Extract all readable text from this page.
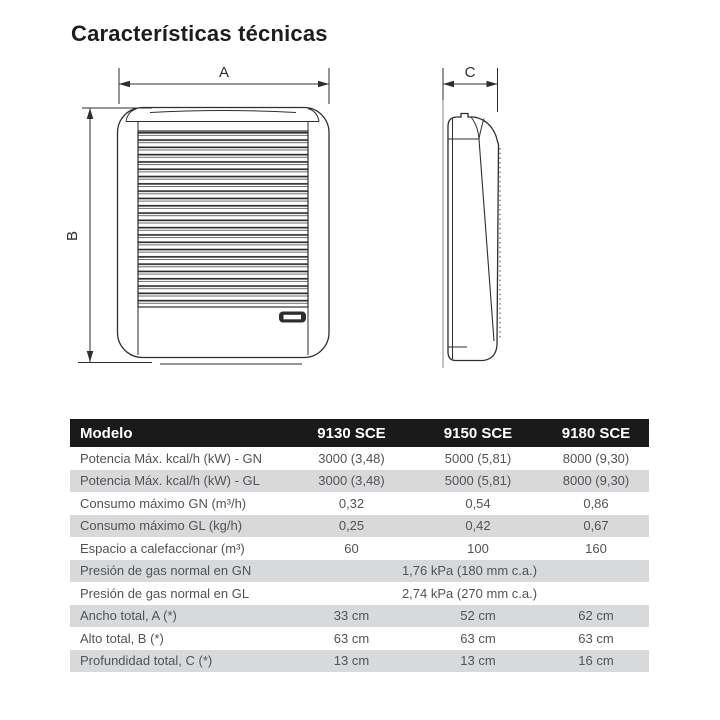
Características técnicas
A
B
C
Modelo	9130 SCE	9150 SCE	9180 SCE
Potencia Máx. kcal/h (kW) - GN	3000 (3,48)	5000 (5,81)	8000 (9,30)
Potencia Máx. kcal/h (kW) - GL	3000 (3,48)	5000 (5,81)	8000 (9,30)
Consumo máximo GN (m³/h)	0,32	0,54	0,86
Consumo máximo GL (kg/h)	0,25	0,42	0,67
Espacio a calefaccionar (m³)	60	100	160
Presión de gas normal en GN	1,76 kPa (180 mm c.a.)		
Presión de gas normal en GL	2,74 kPa (270 mm c.a.)		
Ancho total, A (*)	33 cm	52 cm	62 cm
Alto total, B (*)	63 cm	63 cm	63 cm
Profundidad total, C (*)	13 cm	13 cm	16 cm
